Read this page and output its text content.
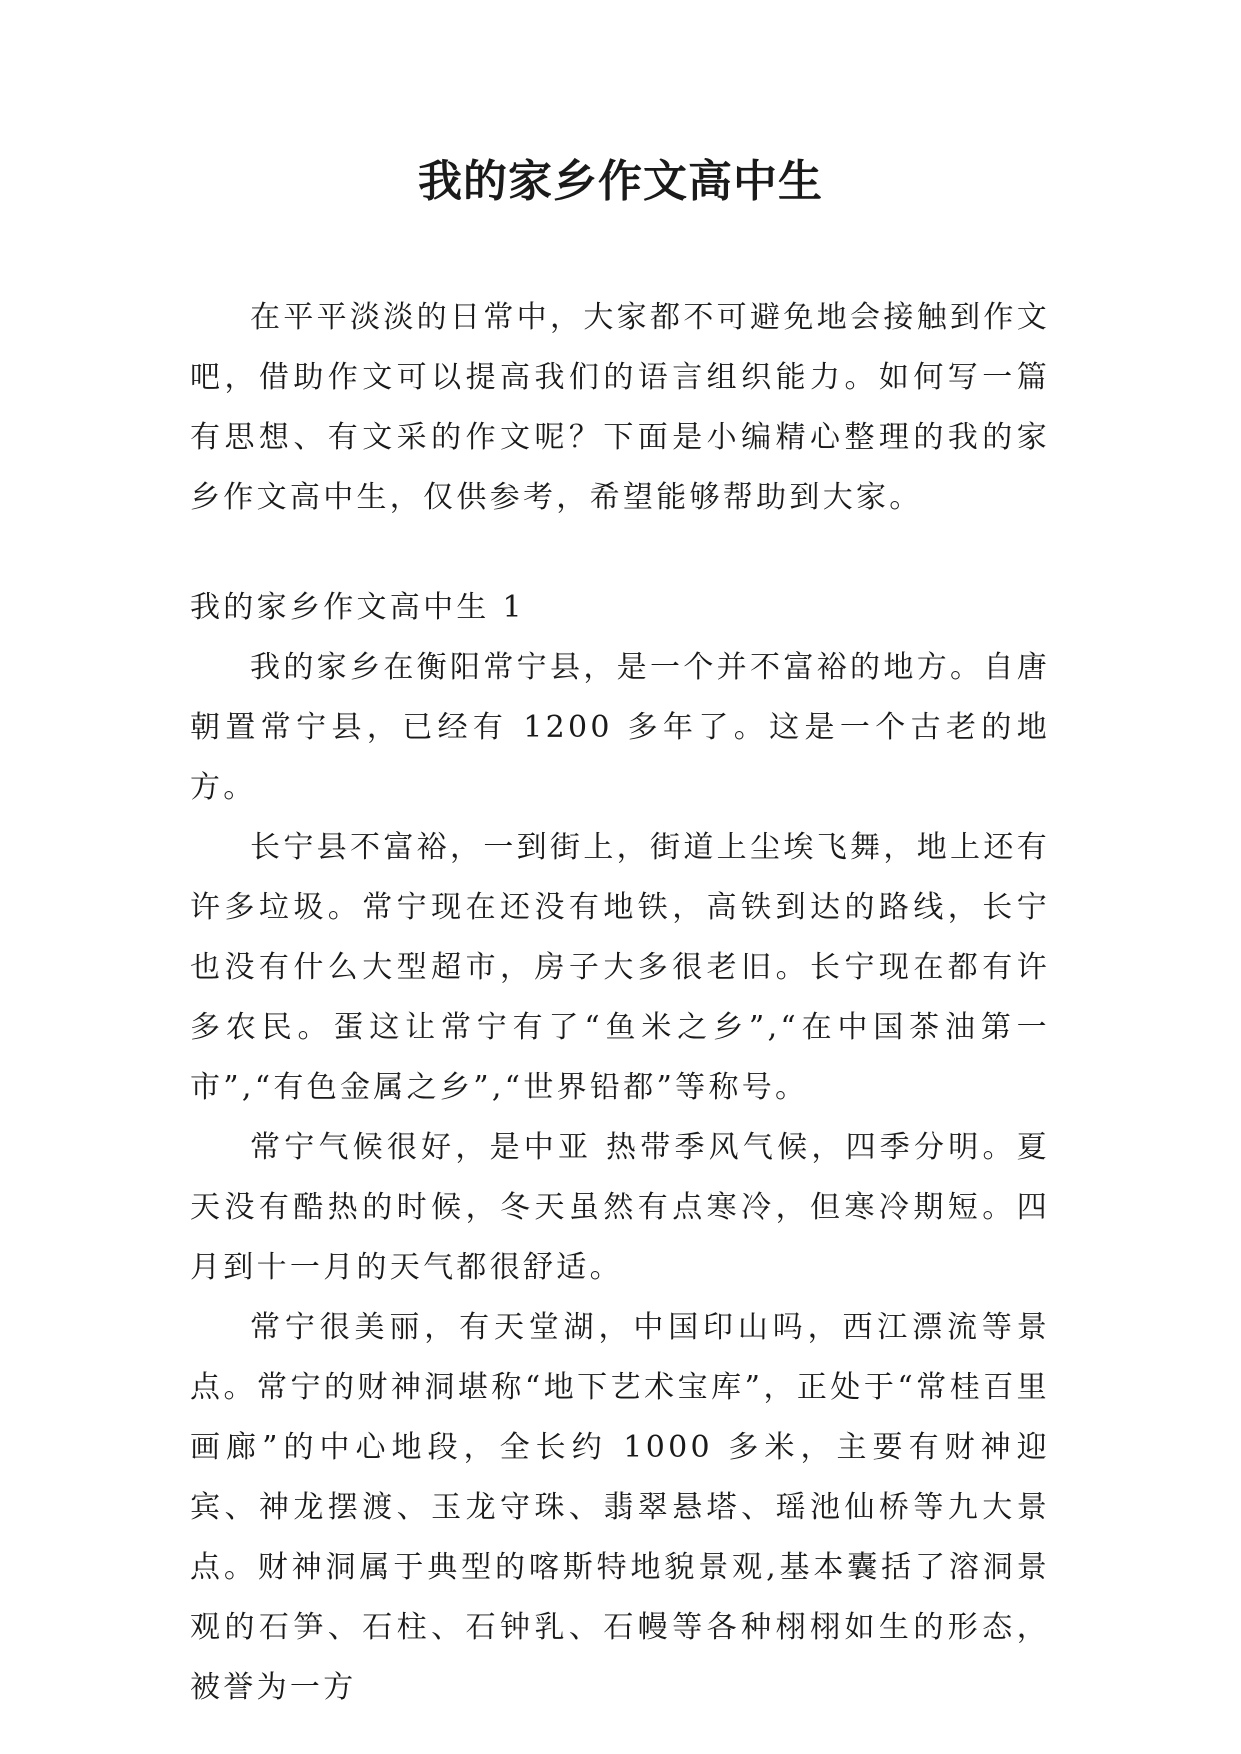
我的家乡作文高中生

在平平淡淡的日常中，大家都不可避免地会接触到作文吧，借助作文可以提高我们的语言组织能力。如何写一篇有思想、有文采的作文呢？下面是小编精心整理的我的家乡作文高中生，仅供参考，希望能够帮助到大家。

我的家乡作文高中生 1

我的家乡在衡阳常宁县，是一个并不富裕的地方。自唐朝置常宁县，已经有 1200 多年了。这是一个古老的地方。

长宁县不富裕，一到街上，街道上尘埃飞舞，地上还有许多垃圾。常宁现在还没有地铁，高铁到达的路线，长宁也没有什么大型超市，房子大多很老旧。长宁现在都有许多农民。蛋这让常宁有了“鱼米之乡”,“在中国茶油第一市”,“有色金属之乡”,“世界铅都”等称号。

常宁气候很好，是中亚 热带季风气候，四季分明。夏天没有酷热的时候，冬天虽然有点寒冷，但寒冷期短。四月到十一月的天气都很舒适。

常宁很美丽，有天堂湖，中国印山吗，西江漂流等景点。常宁的财神洞堪称“地下艺术宝库”，正处于“常桂百里画廊”的中心地段，全长约 1000 多米，主要有财神迎宾、神龙摆渡、玉龙守珠、翡翠悬塔、瑶池仙桥等九大景点。财神洞属于典型的喀斯特地貌景观,基本囊括了溶洞景观的石笋、石柱、石钟乳、石幔等各种栩栩如生的形态，被誉为一方
